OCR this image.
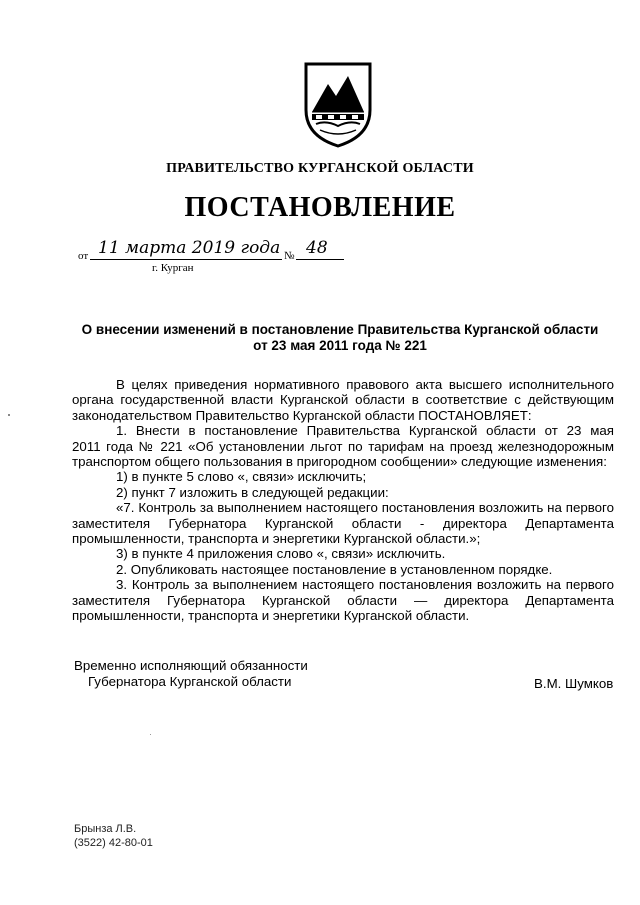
ПРАВИТЕЛЬСТВО КУРГАНСКОЙ ОБЛАСТИ
ПОСТАНОВЛЕНИЕ
от 11 марта 2019 года № 48
г. Курган
О внесении изменений в постановление Правительства Курганской области
от 23 мая 2011 года № 221

В целях приведения нормативного правового акта высшего исполнительного

органа государственной власти Курганской области в соответствие с действующим

законодательством Правительство Курганской области ПОСТАНОВЛЯЕТ:

1. Внести в постановление Правительства Курганской области от 23 мая

2011 года № 221 «Об установлении льгот по тарифам на проезд железнодорожным

транспортом общего пользования в пригородном сообщении» следующие изменения:

1) в пункте 5 слово «, связи» исключить;

2) пункт 7 изложить в следующей редакции:

«7. Контроль за выполнением настоящего постановления возложить на первого

заместителя Губернатора Курганской области - директора Департамента

промышленности, транспорта и энергетики Курганской области.»;

3) в пункте 4 приложения слово «, связи» исключить.

2. Опубликовать настоящее постановление в установленном порядке.

3. Контроль за выполнением настоящего постановления возложить на первого

заместителя Губернатора Курганской области — директора Департамента

промышленности, транспорта и энергетики Курганской области.

Временно исполняющий обязанности
Губернатора Курганской области	В.М. Шумков
Брынза Л.В.
(3522) 42-80-01
